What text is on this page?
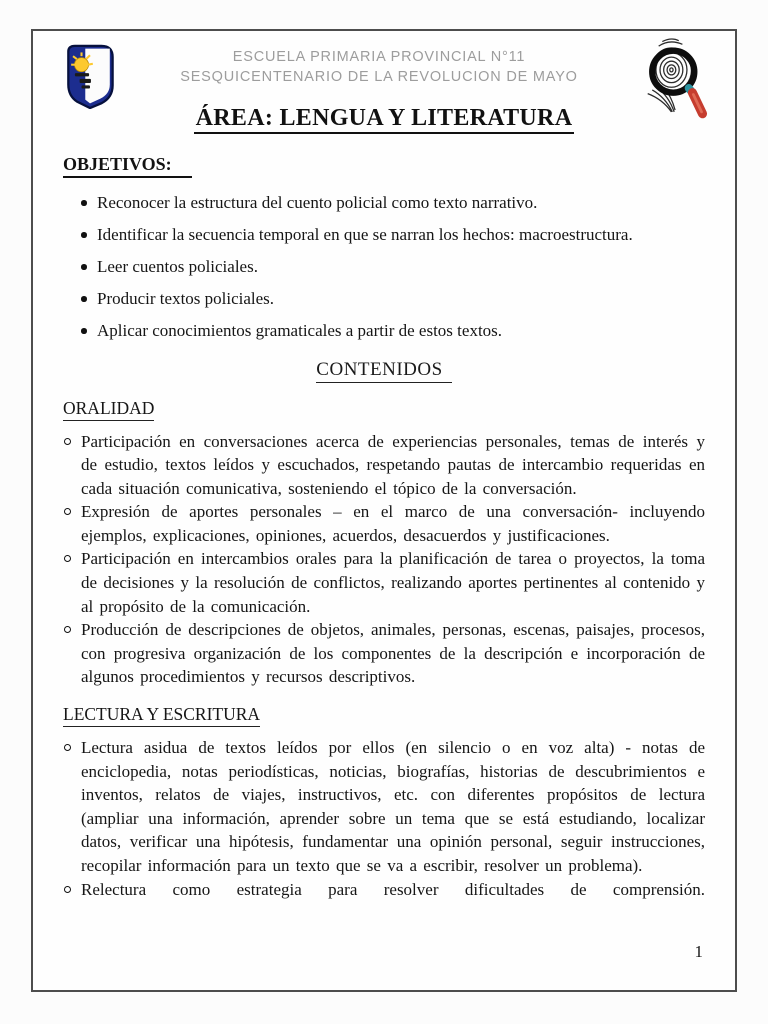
ESCUELA PRIMARIA PROVINCIAL N°11
SESQUICENTENARIO DE LA REVOLUCION DE MAYO
ÁREA: LENGUA Y LITERATURA
OBJETIVOS:
Reconocer la estructura del cuento policial como texto narrativo.
Identificar la secuencia temporal en que se narran los hechos: macroestructura.
Leer cuentos policiales.
Producir textos policiales.
Aplicar conocimientos gramaticales a partir de estos textos.
CONTENIDOS
ORALIDAD
Participación en conversaciones acerca de experiencias personales, temas de interés y de estudio, textos leídos y escuchados, respetando pautas de intercambio requeridas en cada situación comunicativa, sosteniendo el tópico de la conversación.
Expresión de aportes personales – en el marco de una conversación- incluyendo ejemplos, explicaciones, opiniones, acuerdos, desacuerdos y justificaciones.
Participación en intercambios orales para la planificación de tarea o proyectos, la toma de decisiones y la resolución de conflictos, realizando aportes pertinentes al contenido y al propósito de la comunicación.
Producción de descripciones de objetos, animales, personas, escenas, paisajes, procesos, con progresiva organización de los componentes de la descripción e incorporación de algunos procedimientos y recursos descriptivos.
LECTURA Y ESCRITURA
Lectura asidua de textos leídos por ellos (en silencio o en voz alta) - notas de enciclopedia, notas periodísticas, noticias, biografías, historias de descubrimientos e inventos, relatos de viajes, instructivos, etc. con diferentes propósitos de lectura (ampliar una información, aprender sobre un tema que se está estudiando, localizar datos, verificar una hipótesis, fundamentar una opinión personal, seguir instrucciones, recopilar información para un texto que se va a escribir, resolver un problema).
Relectura como estrategia para resolver dificultades de comprensión.
1
